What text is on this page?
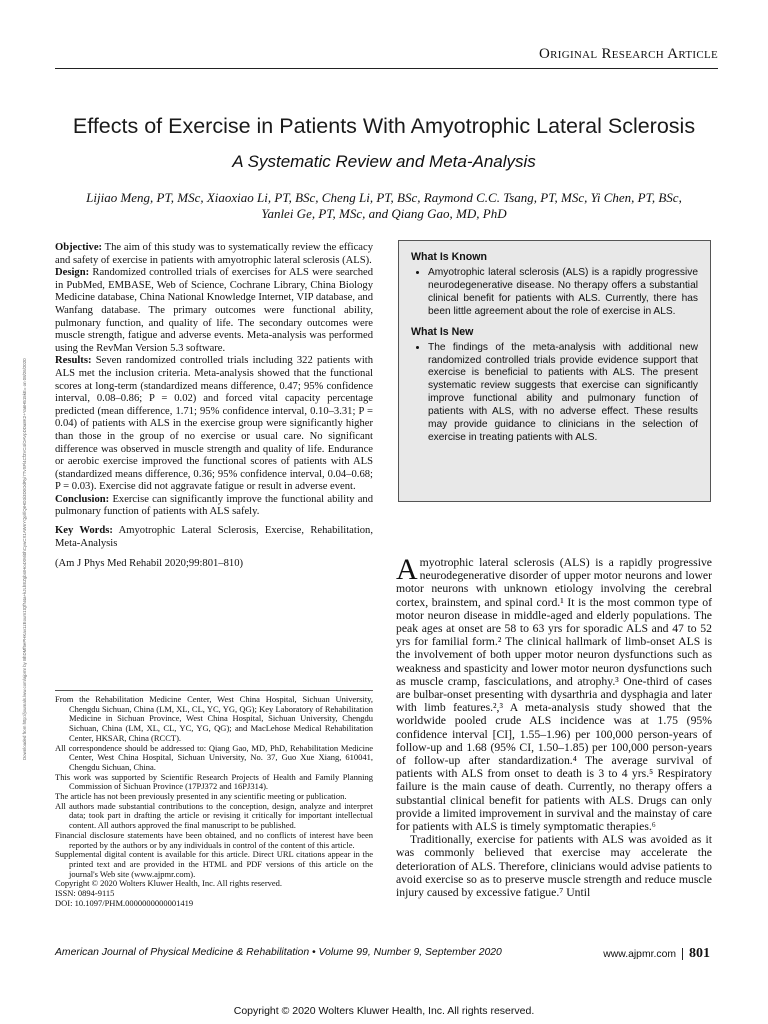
Original Research Article
Effects of Exercise in Patients With Amyotrophic Lateral Sclerosis
A Systematic Review and Meta-Analysis
Lijiao Meng, PT, MSc, Xiaoxiao Li, PT, BSc, Cheng Li, PT, BSc, Raymond C.C. Tsang, PT, MSc, Yi Chen, PT, BSc,
Yanlei Ge, PT, MSc, and Qiang Gao, MD, PhD
Downloaded from http://journals.lww.com/ajpmr by BhDMf5ePHKav1zEoum1tQfN4a+kJLhEZgbsIHo4XMi0hCywCX1AWnYQp/IlQrHD3i3D0OdRyi7TvSFl4Cf3VC4/OAVpDDa8K2+Ya6H515kE= on 08/26/2020

Objective: The aim of this study was to systematically review the efficacy and safety of exercise in patients with amyotrophic lateral sclerosis (ALS).

Design: Randomized controlled trials of exercises for ALS were searched in PubMed, EMBASE, Web of Science, Cochrane Library, China Biology Medicine database, China National Knowledge Internet, VIP database, and Wanfang database. The primary outcomes were functional ability, pulmonary function, and quality of life. The secondary outcomes were muscle strength, fatigue and adverse events. Meta-analysis was performed using the RevMan Version 5.3 software.

Results: Seven randomized controlled trials including 322 patients with ALS met the inclusion criteria. Meta-analysis showed that the functional scores at long-term (standardized means difference, 0.47; 95% confidence interval, 0.08–0.86; P = 0.02) and forced vital capacity percentage predicted (mean difference, 1.71; 95% confidence interval, 0.10–3.31; P = 0.04) of patients with ALS in the exercise group were significantly higher than those in the group of no exercise or usual care. No significant difference was observed in muscle strength and quality of life. Endurance or aerobic exercise improved the functional scores of patients with ALS (standardized means difference, 0.36; 95% confidence interval, 0.04–0.68; P = 0.03). Exercise did not aggravate fatigue or result in adverse event.

Conclusion: Exercise can significantly improve the functional ability and pulmonary function of patients with ALS safely.

Key Words: Amyotrophic Lateral Sclerosis, Exercise, Rehabilitation, Meta-Analysis

(Am J Phys Med Rehabil 2020;99:801–810)

What Is Known
• Amyotrophic lateral sclerosis (ALS) is a rapidly progressive neurodegenerative disease. No therapy offers a substantial clinical benefit for patients with ALS. Currently, there has been little agreement about the role of exercise in ALS.
What Is New
• The findings of the meta-analysis with additional new randomized controlled trials provide evidence support that exercise is beneficial to patients with ALS. The present systematic review suggests that exercise can significantly improve functional ability and pulmonary function of patients with ALS, with no adverse effect. These results may provide guidance to clinicians in the selection of exercise in treating patients with ALS.

From the Rehabilitation Medicine Center, West China Hospital, Sichuan University, Chengdu Sichuan, China (LM, XL, CL, YC, YG, QG); Key Laboratory of Rehabilitation Medicine in Sichuan Province, West China Hospital, Sichuan University, Chengdu Sichuan, China (LM, XL, CL, YC, YG, QG); and MacLehose Medical Rehabilitation Center, HKSAR, China (RCCT).

All correspondence should be addressed to: Qiang Gao, MD, PhD, Rehabilitation Medicine Center, West China Hospital, Sichuan University, No. 37, Guo Xue Xiang, 610041, Chengdu Sichuan, China.

This work was supported by Scientific Research Projects of Health and Family Planning Commission of Sichuan Province (17PJ372 and 16PJ314).

The article has not been previously presented in any scientific meeting or publication.

All authors made substantial contributions to the conception, design, analyze and interpret data; took part in drafting the article or revising it critically for important intellectual content. All authors approved the final manuscript to be published.

Financial disclosure statements have been obtained, and no conflicts of interest have been reported by the authors or by any individuals in control of the content of this article.

Supplemental digital content is available for this article. Direct URL citations appear in the printed text and are provided in the HTML and PDF versions of this article on the journal's Web site (www.ajpmr.com).

Copyright © 2020 Wolters Kluwer Health, Inc. All rights reserved.

ISSN: 0894-9115

DOI: 10.1097/PHM.0000000000001419

Amyotrophic lateral sclerosis (ALS) is a rapidly progressive neurodegenerative disorder of upper motor neurons and lower motor neurons with unknown etiology involving the cerebral cortex, brainstem, and spinal cord.¹ It is the most common type of motor neuron disease in middle-aged and elderly populations. The peak ages at onset are 58 to 63 yrs for sporadic ALS and 47 to 52 yrs for familial form.² The clinical hallmark of limb-onset ALS is the involvement of both upper motor neuron dysfunctions such as weakness and spasticity and lower motor neuron dysfunctions such as muscle cramp, fasciculations, and atrophy.³ One-third of cases are bulbar-onset presenting with dysarthria and dysphagia and later with limb features.²,³ A meta-analysis study showed that the worldwide pooled crude ALS incidence was at 1.75 (95% confidence interval [CI], 1.55–1.96) per 100,000 person-years of follow-up and 1.68 (95% CI, 1.50–1.85) per 100,000 person-years of follow-up after standardization.⁴ The average survival of patients with ALS from onset to death is 3 to 4 yrs.⁵ Respiratory failure is the main cause of death. Currently, no therapy offers a substantial clinical benefit for patients with ALS. Drugs can only provide a limited improvement in survival and the mainstay of care for patients with ALS is timely symptomatic therapies.⁶

Traditionally, exercise for patients with ALS was avoided as it was commonly believed that exercise may accelerate the deterioration of ALS. Therefore, clinicians would advise patients to avoid exercise so as to preserve muscle strength and reduce muscle injury caused by excessive fatigue.⁷ Until

American Journal of Physical Medicine & Rehabilitation • Volume 99, Number 9, September 2020	www.ajpmr.com 801
Copyright © 2020 Wolters Kluwer Health, Inc. All rights reserved.
